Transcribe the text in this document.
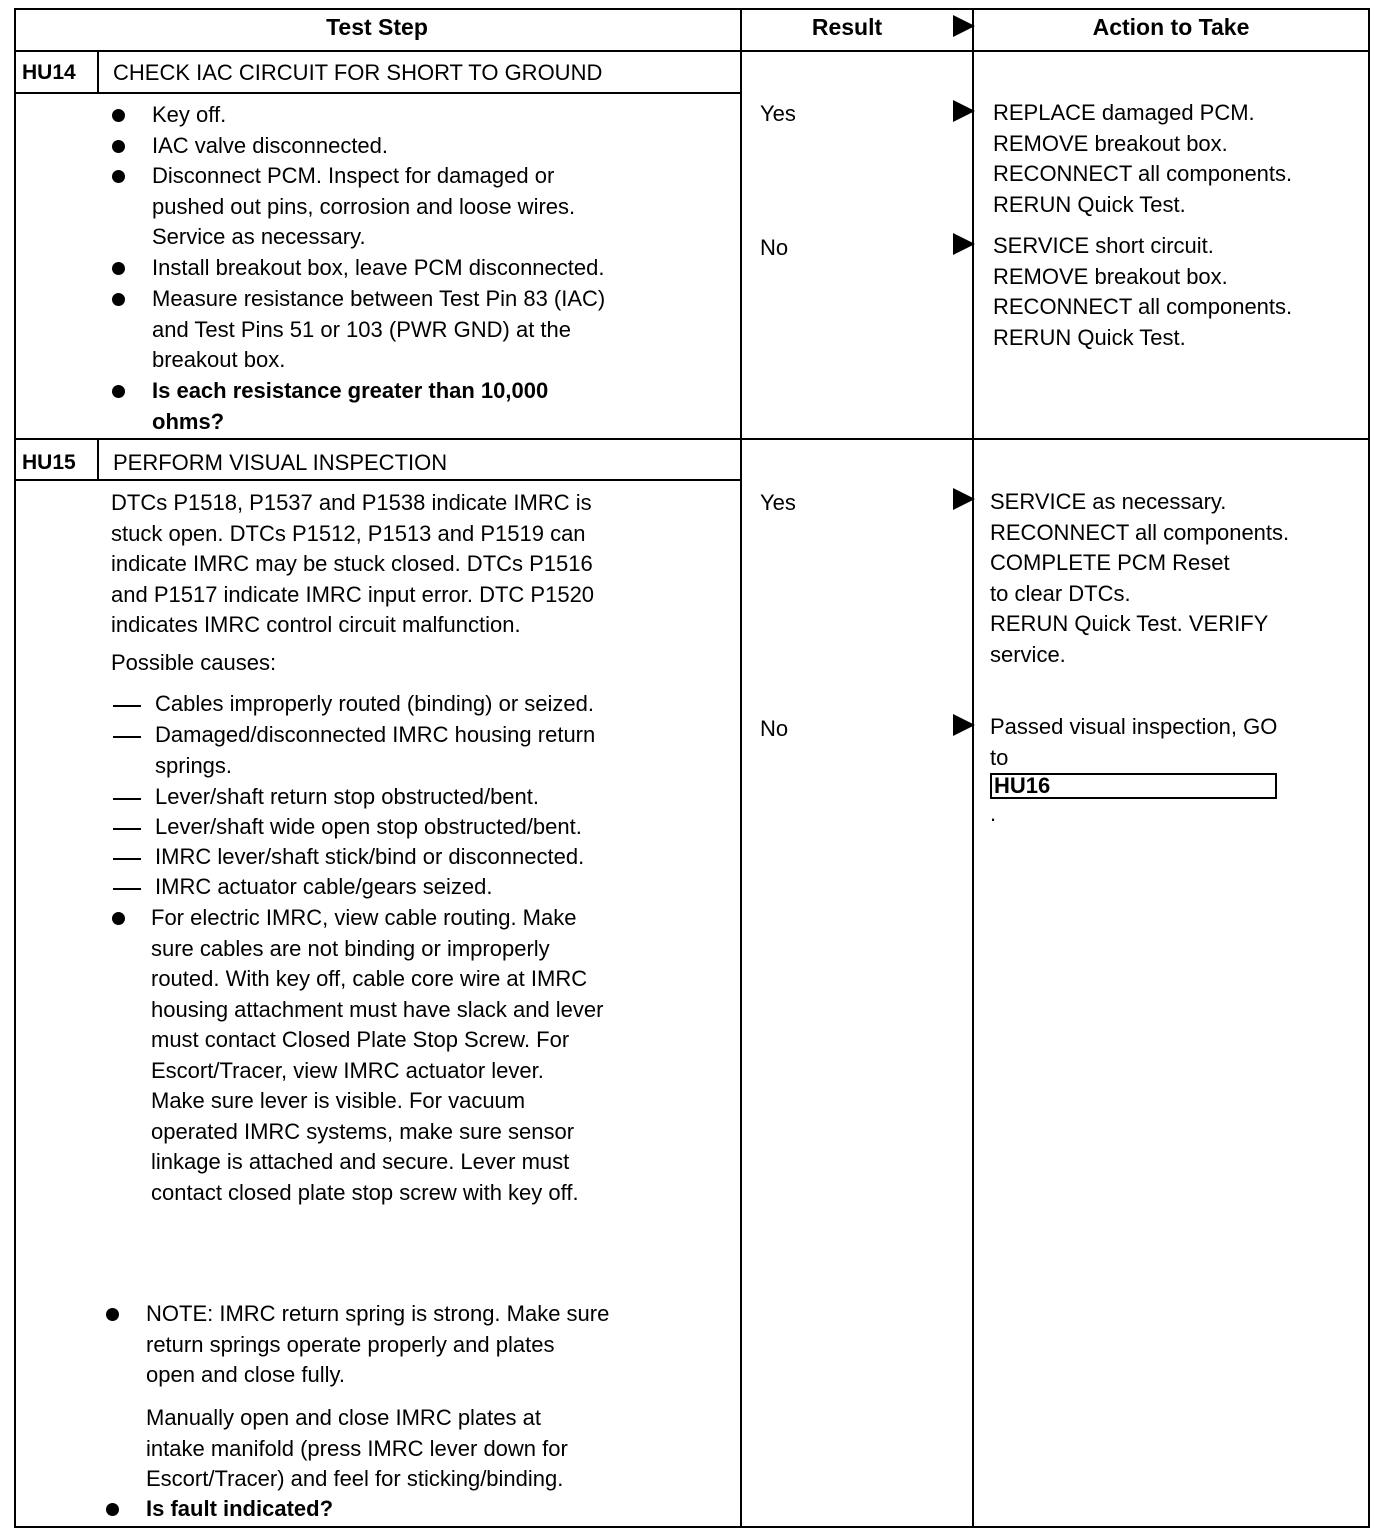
Test Step	Result	Action to Take
HU14 CHECK IAC CIRCUIT FOR SHORT TO GROUND
Key off.
IAC valve disconnected.
Disconnect PCM. Inspect for damaged or
pushed out pins, corrosion and loose wires.
Service as necessary.
Install breakout box, leave PCM disconnected.
Measure resistance between Test Pin 83 (IAC)
and Test Pins 51 or 103 (PWR GND) at the
breakout box.
Is each resistance greater than 10,000
ohms?
Yes	REPLACE damaged PCM.
REMOVE breakout box.
RECONNECT all components.
RERUN Quick Test.
No	SERVICE short circuit.
REMOVE breakout box.
RECONNECT all components.
RERUN Quick Test.
HU15 PERFORM VISUAL INSPECTION
DTCs P1518, P1537 and P1538 indicate IMRC is
stuck open. DTCs P1512, P1513 and P1519 can
indicate IMRC may be stuck closed. DTCs P1516
and P1517 indicate IMRC input error. DTC P1520
indicates IMRC control circuit malfunction.
Possible causes:
Cables improperly routed (binding) or seized.
Damaged/disconnected IMRC housing return
springs.
Lever/shaft return stop obstructed/bent.
Lever/shaft wide open stop obstructed/bent.
IMRC lever/shaft stick/bind or disconnected.
IMRC actuator cable/gears seized.
For electric IMRC, view cable routing. Make
sure cables are not binding or improperly
routed. With key off, cable core wire at IMRC
housing attachment must have slack and lever
must contact Closed Plate Stop Screw. For
Escort/Tracer, view IMRC actuator lever.
Make sure lever is visible. For vacuum
operated IMRC systems, make sure sensor
linkage is attached and secure. Lever must
contact closed plate stop screw with key off.
NOTE: IMRC return spring is strong. Make sure
return springs operate properly and plates
open and close fully.
Manually open and close IMRC plates at
intake manifold (press IMRC lever down for
Escort/Tracer) and feel for sticking/binding.
Is fault indicated?
Yes	SERVICE as necessary.
RECONNECT all components.
COMPLETE PCM Reset
to clear DTCs.
RERUN Quick Test. VERIFY
service.
No	Passed visual inspection, GO
to
HU16
.
